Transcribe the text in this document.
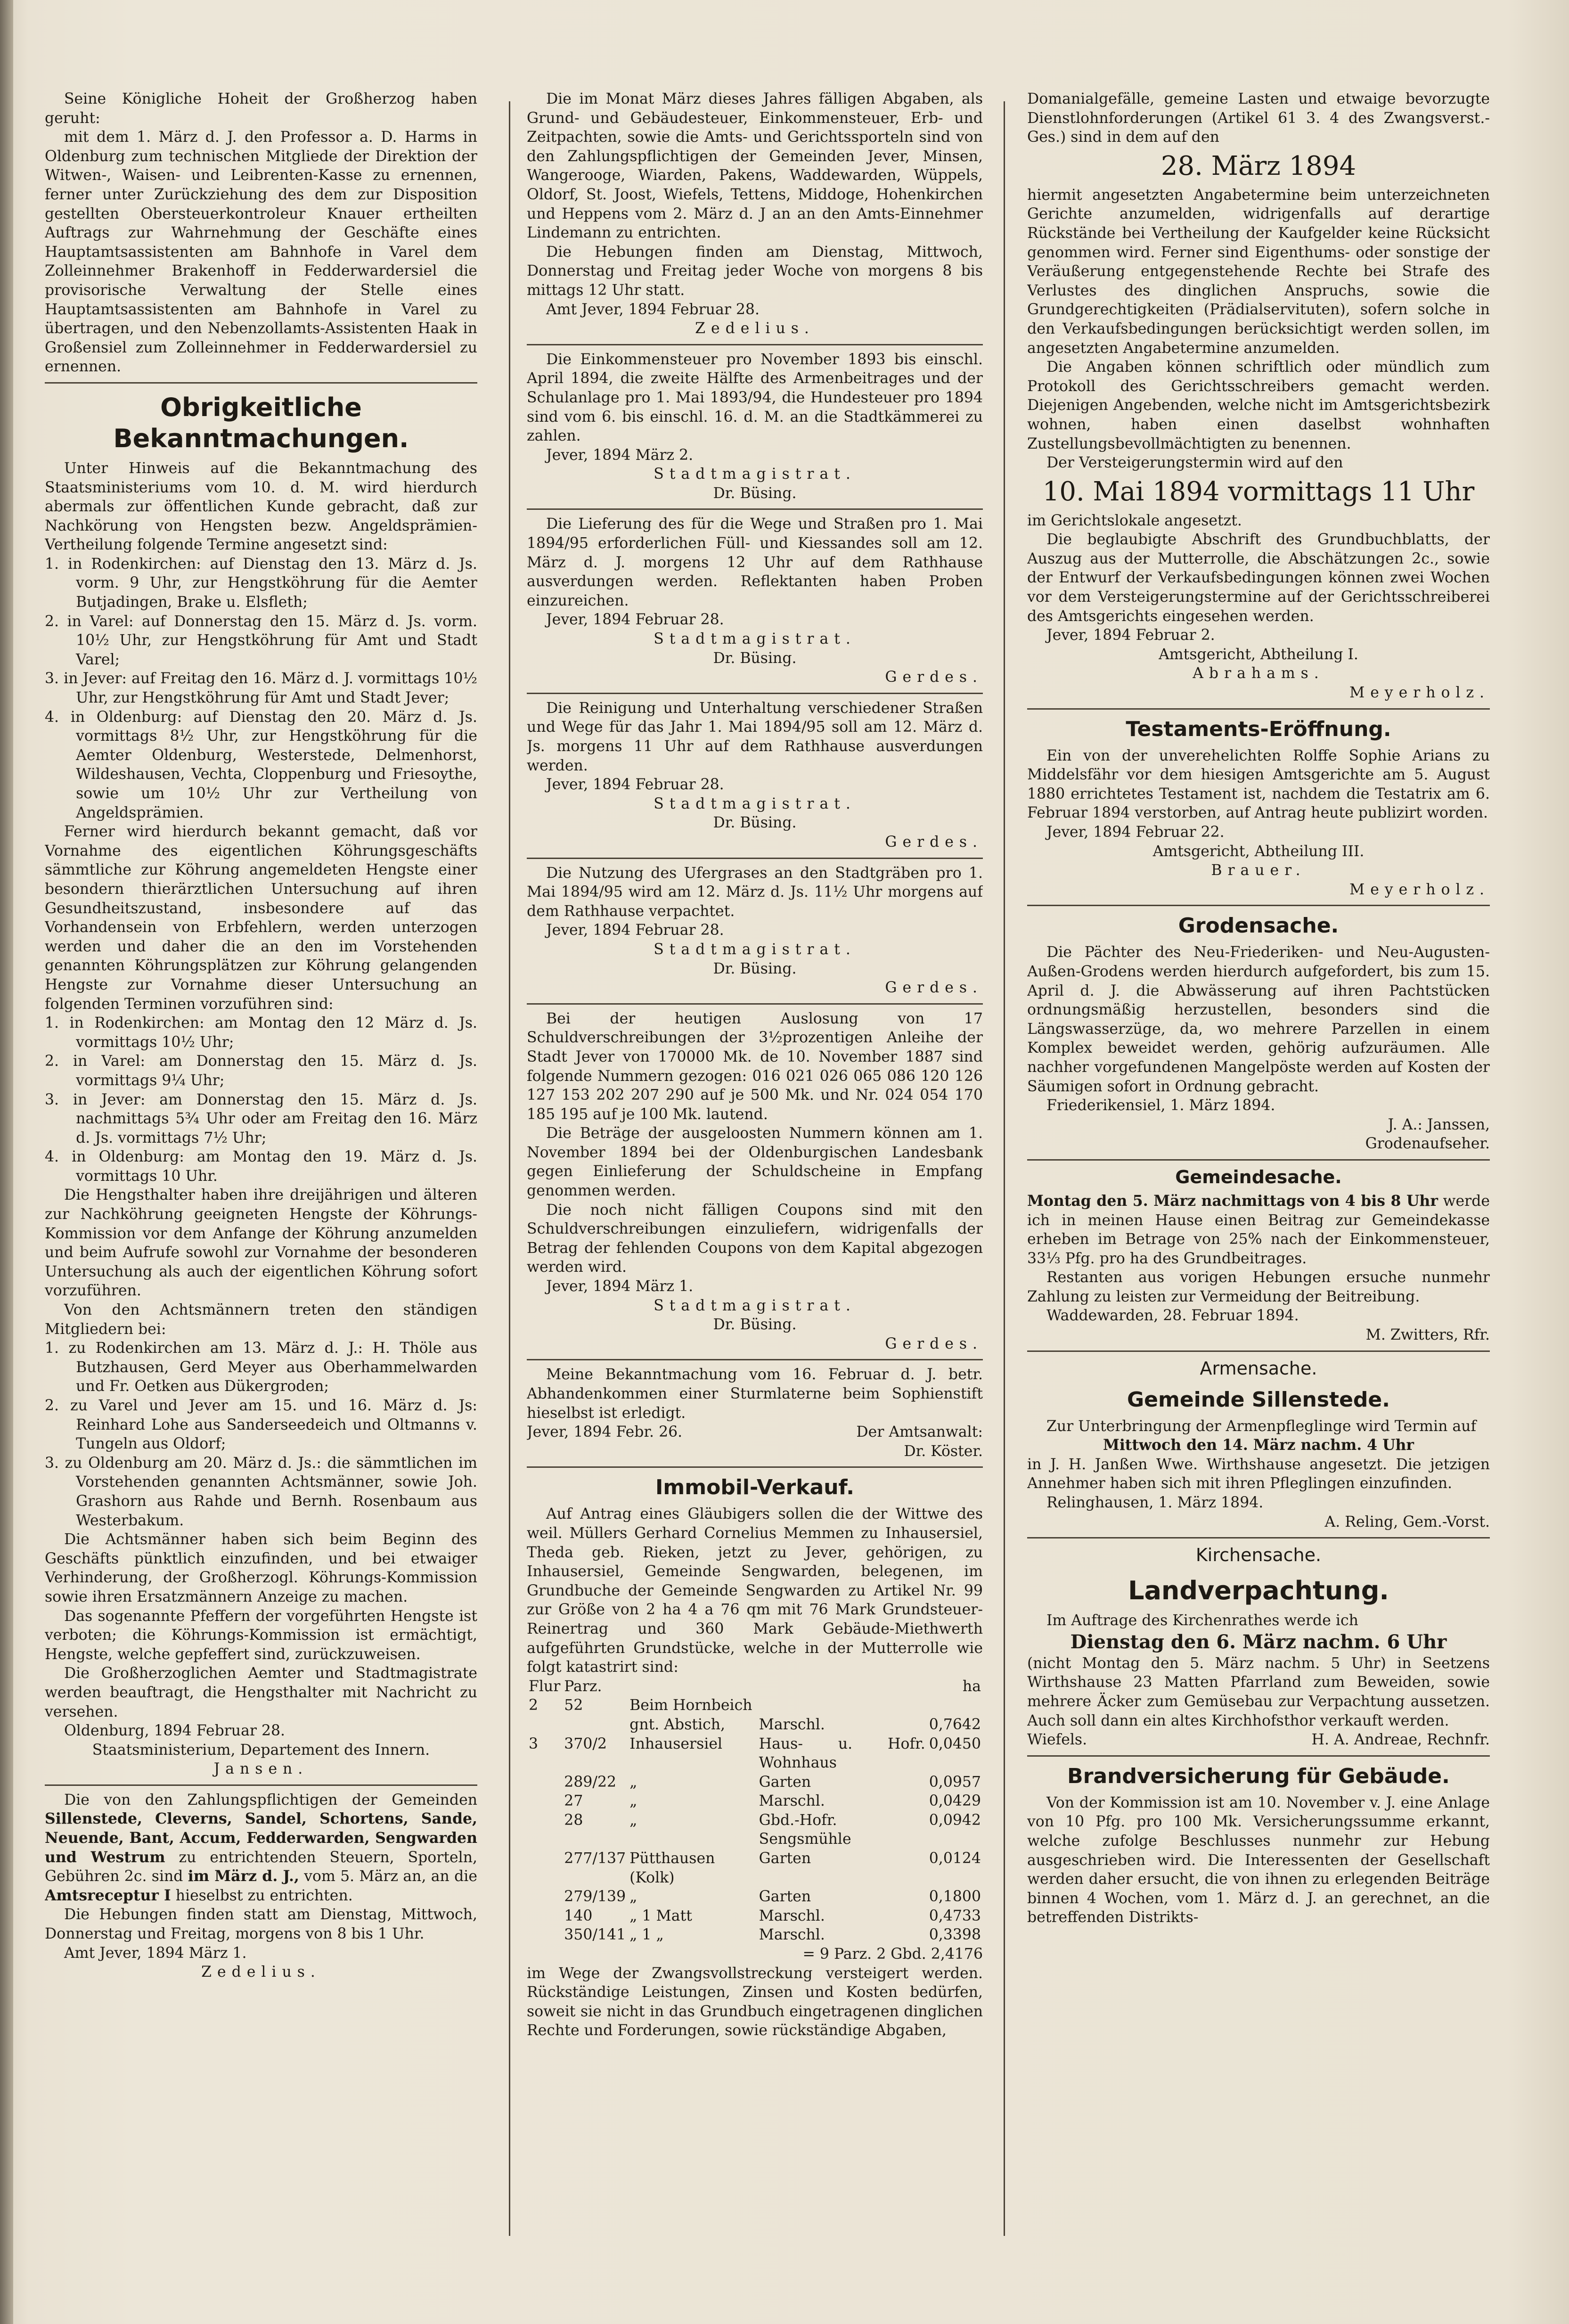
Seine Königliche Hoheit der Großherzog haben geruht:

mit dem 1. März d. J. den Professor a. D. Harms in Oldenburg zum technischen Mitgliede der Direktion der Witwen-, Waisen- und Leibrenten-Kasse zu ernennen, ferner unter Zurückziehung des dem zur Disposition gestellten Obersteuerkontroleur Knauer ertheilten Auftrags zur Wahrnehmung der Geschäfte eines Hauptamtsassistenten am Bahnhofe in Varel dem Zolleinnehmer Brakenhoff in Fedderwardersiel die provisorische Verwaltung der Stelle eines Hauptamtsassistenten am Bahnhofe in Varel zu übertragen, und den Nebenzollamts-Assistenten Haak in Großensiel zum Zolleinnehmer in Fedderwardersiel zu ernennen.

Obrigkeitliche Bekanntmachungen.

Unter Hinweis auf die Bekanntmachung des Staatsministeriums vom 10. d. M. wird hierdurch abermals zur öffentlichen Kunde gebracht, daß zur Nachkörung von Hengsten bezw. Angeldsprämien-Vertheilung folgende Termine angesetzt sind:

1. in Rodenkirchen: auf Dienstag den 13. März d. Js. vorm. 9 Uhr, zur Hengstköhrung für die Aemter Butjadingen, Brake u. Elsfleth;

2. in Varel: auf Donnerstag den 15. März d. Js. vorm. 10½ Uhr, zur Hengstköhrung für Amt und Stadt Varel;

3. in Jever: auf Freitag den 16. März d. J. vormittags 10½ Uhr, zur Hengstköhrung für Amt und Stadt Jever;

4. in Oldenburg: auf Dienstag den 20. März d. Js. vormittags 8½ Uhr, zur Hengstköhrung für die Aemter Oldenburg, Westerstede, Delmenhorst, Wildeshausen, Vechta, Cloppenburg und Friesoythe, sowie um 10½ Uhr zur Vertheilung von Angeldsprämien.

Ferner wird hierdurch bekannt gemacht, daß vor Vornahme des eigentlichen Köhrungsgeschäfts sämmtliche zur Köhrung angemeldeten Hengste einer besondern thierärztlichen Untersuchung auf ihren Gesundheitszustand, insbesondere auf das Vorhandensein von Erbfehlern, werden unterzogen werden und daher die an den im Vorstehenden genannten Köhrungsplätzen zur Köhrung gelangenden Hengste zur Vornahme dieser Untersuchung an folgenden Terminen vorzuführen sind:

1. in Rodenkirchen: am Montag den 12 März d. Js. vormittags 10½ Uhr;

2. in Varel: am Donnerstag den 15. März d. Js. vormittags 9¼ Uhr;

3. in Jever: am Donnerstag den 15. März d. Js. nachmittags 5¾ Uhr oder am Freitag den 16. März d. Js. vormittags 7½ Uhr;

4. in Oldenburg: am Montag den 19. März d. Js. vormittags 10 Uhr.

Die Hengsthalter haben ihre dreijährigen und älteren zur Nachköhrung geeigneten Hengste der Köhrungs-Kommission vor dem Anfange der Köhrung anzumelden und beim Aufrufe sowohl zur Vornahme der besonderen Untersuchung als auch der eigentlichen Köhrung sofort vorzuführen.

Von den Achtsmännern treten den ständigen Mitgliedern bei:

1. zu Rodenkirchen am 13. März d. J.: H. Thöle aus Butzhausen, Gerd Meyer aus Oberhammelwarden und Fr. Oetken aus Dükergroden;

2. zu Varel und Jever am 15. und 16. März d. Js: Reinhard Lohe aus Sanderseedeich und Oltmanns v. Tungeln aus Oldorf;

3. zu Oldenburg am 20. März d. Js.: die sämmtlichen im Vorstehenden genannten Achtsmänner, sowie Joh. Grashorn aus Rahde und Bernh. Rosenbaum aus Westerbakum.

Die Achtsmänner haben sich beim Beginn des Geschäfts pünktlich einzufinden, und bei etwaiger Verhinderung, der Großherzogl. Köhrungs-Kommission sowie ihren Ersatzmännern Anzeige zu machen.

Das sogenannte Pfeffern der vorgeführten Hengste ist verboten; die Köhrungs-Kommission ist ermächtigt, Hengste, welche gepfeffert sind, zurückzuweisen.

Die Großherzoglichen Aemter und Stadtmagistrate werden beauftragt, die Hengsthalter mit Nachricht zu versehen.

Oldenburg, 1894 Februar 28.

Staatsministerium, Departement des Innern.

Jansen.

Die von den Zahlungspflichtigen der Gemeinden Sillenstede, Cleverns, Sandel, Schortens, Sande, Neuende, Bant, Accum, Fedderwarden, Sengwarden und Westrum zu entrichtenden Steuern, Sporteln, Gebühren 2c. sind im März d. J., vom 5. März an, an die Amtsreceptur I hieselbst zu entrichten.

Die Hebungen finden statt am Dienstag, Mittwoch, Donnerstag und Freitag, morgens von 8 bis 1 Uhr.

Amt Jever, 1894 März 1.

Zedelius.

Die im Monat März dieses Jahres fälligen Abgaben, als Grund- und Gebäudesteuer, Einkommensteuer, Erb- und Zeitpachten, sowie die Amts- und Gerichtssporteln sind von den Zahlungspflichtigen der Gemeinden Jever, Minsen, Wangerooge, Wiarden, Pakens, Waddewarden, Wüppels, Oldorf, St. Joost, Wiefels, Tettens, Middoge, Hohenkirchen und Heppens vom 2. März d. J an an den Amts-Einnehmer Lindemann zu entrichten.

Die Hebungen finden am Dienstag, Mittwoch, Donnerstag und Freitag jeder Woche von morgens 8 bis mittags 12 Uhr statt.

Amt Jever, 1894 Februar 28.

Zedelius.

Die Einkommensteuer pro November 1893 bis einschl. April 1894, die zweite Hälfte des Armenbeitrages und der Schulanlage pro 1. Mai 1893/94, die Hundesteuer pro 1894 sind vom 6. bis einschl. 16. d. M. an die Stadtkämmerei zu zahlen.

Jever, 1894 März 2.

Stadtmagistrat.

Dr. Büsing.

Die Lieferung des für die Wege und Straßen pro 1. Mai 1894/95 erforderlichen Füll- und Kiessandes soll am 12. März d. J. morgens 12 Uhr auf dem Rathhause ausverdungen werden. Reflektanten haben Proben einzureichen.

Jever, 1894 Februar 28.

Stadtmagistrat.

Dr. Büsing.

Gerdes.

Die Reinigung und Unterhaltung verschiedener Straßen und Wege für das Jahr 1. Mai 1894/95 soll am 12. März d. Js. morgens 11 Uhr auf dem Rathhause ausverdungen werden.

Jever, 1894 Februar 28.

Stadtmagistrat.

Dr. Büsing.

Gerdes.

Die Nutzung des Ufergrases an den Stadtgräben pro 1. Mai 1894/95 wird am 12. März d. Js. 11½ Uhr morgens auf dem Rathhause verpachtet.

Jever, 1894 Februar 28.

Stadtmagistrat.

Dr. Büsing.

Gerdes.

Bei der heutigen Auslosung von 17 Schuldverschreibungen der 3½prozentigen Anleihe der Stadt Jever von 170000 Mk. de 10. November 1887 sind folgende Nummern gezogen: 016 021 026 065 086 120 126 127 153 202 207 290 auf je 500 Mk. und Nr. 024 054 170 185 195 auf je 100 Mk. lautend.

Die Beträge der ausgeloosten Nummern können am 1. November 1894 bei der Oldenburgischen Landesbank gegen Einlieferung der Schuldscheine in Empfang genommen werden.

Die noch nicht fälligen Coupons sind mit den Schuldverschreibungen einzuliefern, widrigenfalls der Betrag der fehlenden Coupons von dem Kapital abgezogen werden wird.

Jever, 1894 März 1.

Stadtmagistrat.

Dr. Büsing.

Gerdes.

Meine Bekanntmachung vom 16. Februar d. J. betr. Abhandenkommen einer Sturmlaterne beim Sophienstift hieselbst ist erledigt.

Jever, 1894 Febr. 26.	Der Amtsanwalt:

Dr. Köster.

Immobil-Verkauf.

Auf Antrag eines Gläubigers sollen die der Wittwe des weil. Müllers Gerhard Cornelius Memmen zu Inhausersiel, Theda geb. Rieken, jetzt zu Jever, gehörigen, zu Inhausersiel, Gemeinde Sengwarden, belegenen, im Grundbuche der Gemeinde Sengwarden zu Artikel Nr. 99 zur Größe von 2 ha 4 a 76 qm mit 76 Mark Grundsteuer-Reinertrag und 360 Mark Gebäude-Miethwerth aufgeführten Grundstücke, welche in der Mutterrolle wie folgt katastrirt sind:

Flur	Parz.			ha
2	52	Beim Hornbeich		
		gnt. Abstich,	Marschl.	0,7642
3	370/2	Inhausersiel	Haus- u. Hofr. Wohnhaus	0,0450
	289/22	„	Garten	0,0957
	27	„	Marschl.	0,0429
	28	„	Gbd.-Hofr. Sengsmühle	0,0942
	277/137	Pütthausen (Kolk)	Garten	0,0124
	279/139	„	Garten	0,1800
	140	„ 1 Matt	Marschl.	0,4733
	350/141	„ 1 „	Marschl.	0,3398

= 9 Parz. 2 Gbd. 2,4176

im Wege der Zwangsvollstreckung versteigert werden. Rückständige Leistungen, Zinsen und Kosten bedürfen, soweit sie nicht in das Grundbuch eingetragenen dinglichen Rechte und Forderungen, sowie rückständige Abgaben,

Domanialgefälle, gemeine Lasten und etwaige bevorzugte Dienstlohnforderungen (Artikel 61 3. 4 des Zwangsverst.-Ges.) sind in dem auf den

28. März 1894

hiermit angesetzten Angabetermine beim unterzeichneten Gerichte anzumelden, widrigenfalls auf derartige Rückstände bei Vertheilung der Kaufgelder keine Rücksicht genommen wird. Ferner sind Eigenthums- oder sonstige der Veräußerung entgegenstehende Rechte bei Strafe des Verlustes des dinglichen Anspruchs, sowie die Grundgerechtigkeiten (Prädialservituten), sofern solche in den Verkaufsbedingungen berücksichtigt werden sollen, im angesetzten Angabetermine anzumelden.

Die Angaben können schriftlich oder mündlich zum Protokoll des Gerichtsschreibers gemacht werden. Diejenigen Angebenden, welche nicht im Amtsgerichtsbezirk wohnen, haben einen daselbst wohnhaften Zustellungsbevollmächtigten zu benennen.

Der Versteigerungstermin wird auf den

10. Mai 1894 vormittags 11 Uhr

im Gerichtslokale angesetzt.

Die beglaubigte Abschrift des Grundbuchblatts, der Auszug aus der Mutterrolle, die Abschätzungen 2c., sowie der Entwurf der Verkaufsbedingungen können zwei Wochen vor dem Versteigerungstermine auf der Gerichtsschreiberei des Amtsgerichts eingesehen werden.

Jever, 1894 Februar 2.

Amtsgericht, Abtheilung I.

Abrahams.

Meyerholz.

Testaments-Eröffnung.

Ein von der unverehelichten Rolffe Sophie Arians zu Middelsfähr vor dem hiesigen Amtsgerichte am 5. August 1880 errichtetes Testament ist, nachdem die Testatrix am 6. Februar 1894 verstorben, auf Antrag heute publizirt worden.

Jever, 1894 Februar 22.

Amtsgericht, Abtheilung III.

Brauer.

Meyerholz.

Grodensache.

Die Pächter des Neu-Friederiken- und Neu-Augusten-Außen-Grodens werden hierdurch aufgefordert, bis zum 15. April d. J. die Abwässerung auf ihren Pachtstücken ordnungsmäßig herzustellen, besonders sind die Längswasserzüge, da, wo mehrere Parzellen in einem Komplex beweidet werden, gehörig aufzuräumen. Alle nachher vorgefundenen Mangelpöste werden auf Kosten der Säumigen sofort in Ordnung gebracht.

Friederikensiel, 1. März 1894.

J. A.: Janssen,

Grodenaufseher.

Gemeindesache.

Montag den 5. März nachmittags von 4 bis 8 Uhr werde ich in meinen Hause einen Beitrag zur Gemeindekasse erheben im Betrage von 25% nach der Einkommensteuer, 33⅓ Pfg. pro ha des Grundbeitrages.

Restanten aus vorigen Hebungen ersuche nunmehr Zahlung zu leisten zur Vermeidung der Beitreibung.

Waddewarden, 28. Februar 1894.

M. Zwitters, Rfr.

Armensache.

Gemeinde Sillenstede.

Zur Unterbringung der Armenpfleglinge wird Termin auf

Mittwoch den 14. März nachm. 4 Uhr

in J. H. Janßen Wwe. Wirthshause angesetzt. Die jetzigen Annehmer haben sich mit ihren Pfleglingen einzufinden.

Relinghausen, 1. März 1894.

A. Reling, Gem.-Vorst.

Kirchensache.

Landverpachtung.

Im Auftrage des Kirchenrathes werde ich

Dienstag den 6. März nachm. 6 Uhr

(nicht Montag den 5. März nachm. 5 Uhr) in Seetzens Wirthshause 23 Matten Pfarrland zum Beweiden, sowie mehrere Äcker zum Gemüsebau zur Verpachtung aussetzen. Auch soll dann ein altes Kirchhofsthor verkauft werden.

Wiefels.	H. A. Andreae, Rechnfr.

Brandversicherung für Gebäude.

Von der Kommission ist am 10. November v. J. eine Anlage von 10 Pfg. pro 100 Mk. Versicherungssumme erkannt, welche zufolge Beschlusses nunmehr zur Hebung ausgeschrieben wird. Die Interessenten der Gesellschaft werden daher ersucht, die von ihnen zu erlegenden Beiträge binnen 4 Wochen, vom 1. März d. J. an gerechnet, an die betreffenden Distrikts-
